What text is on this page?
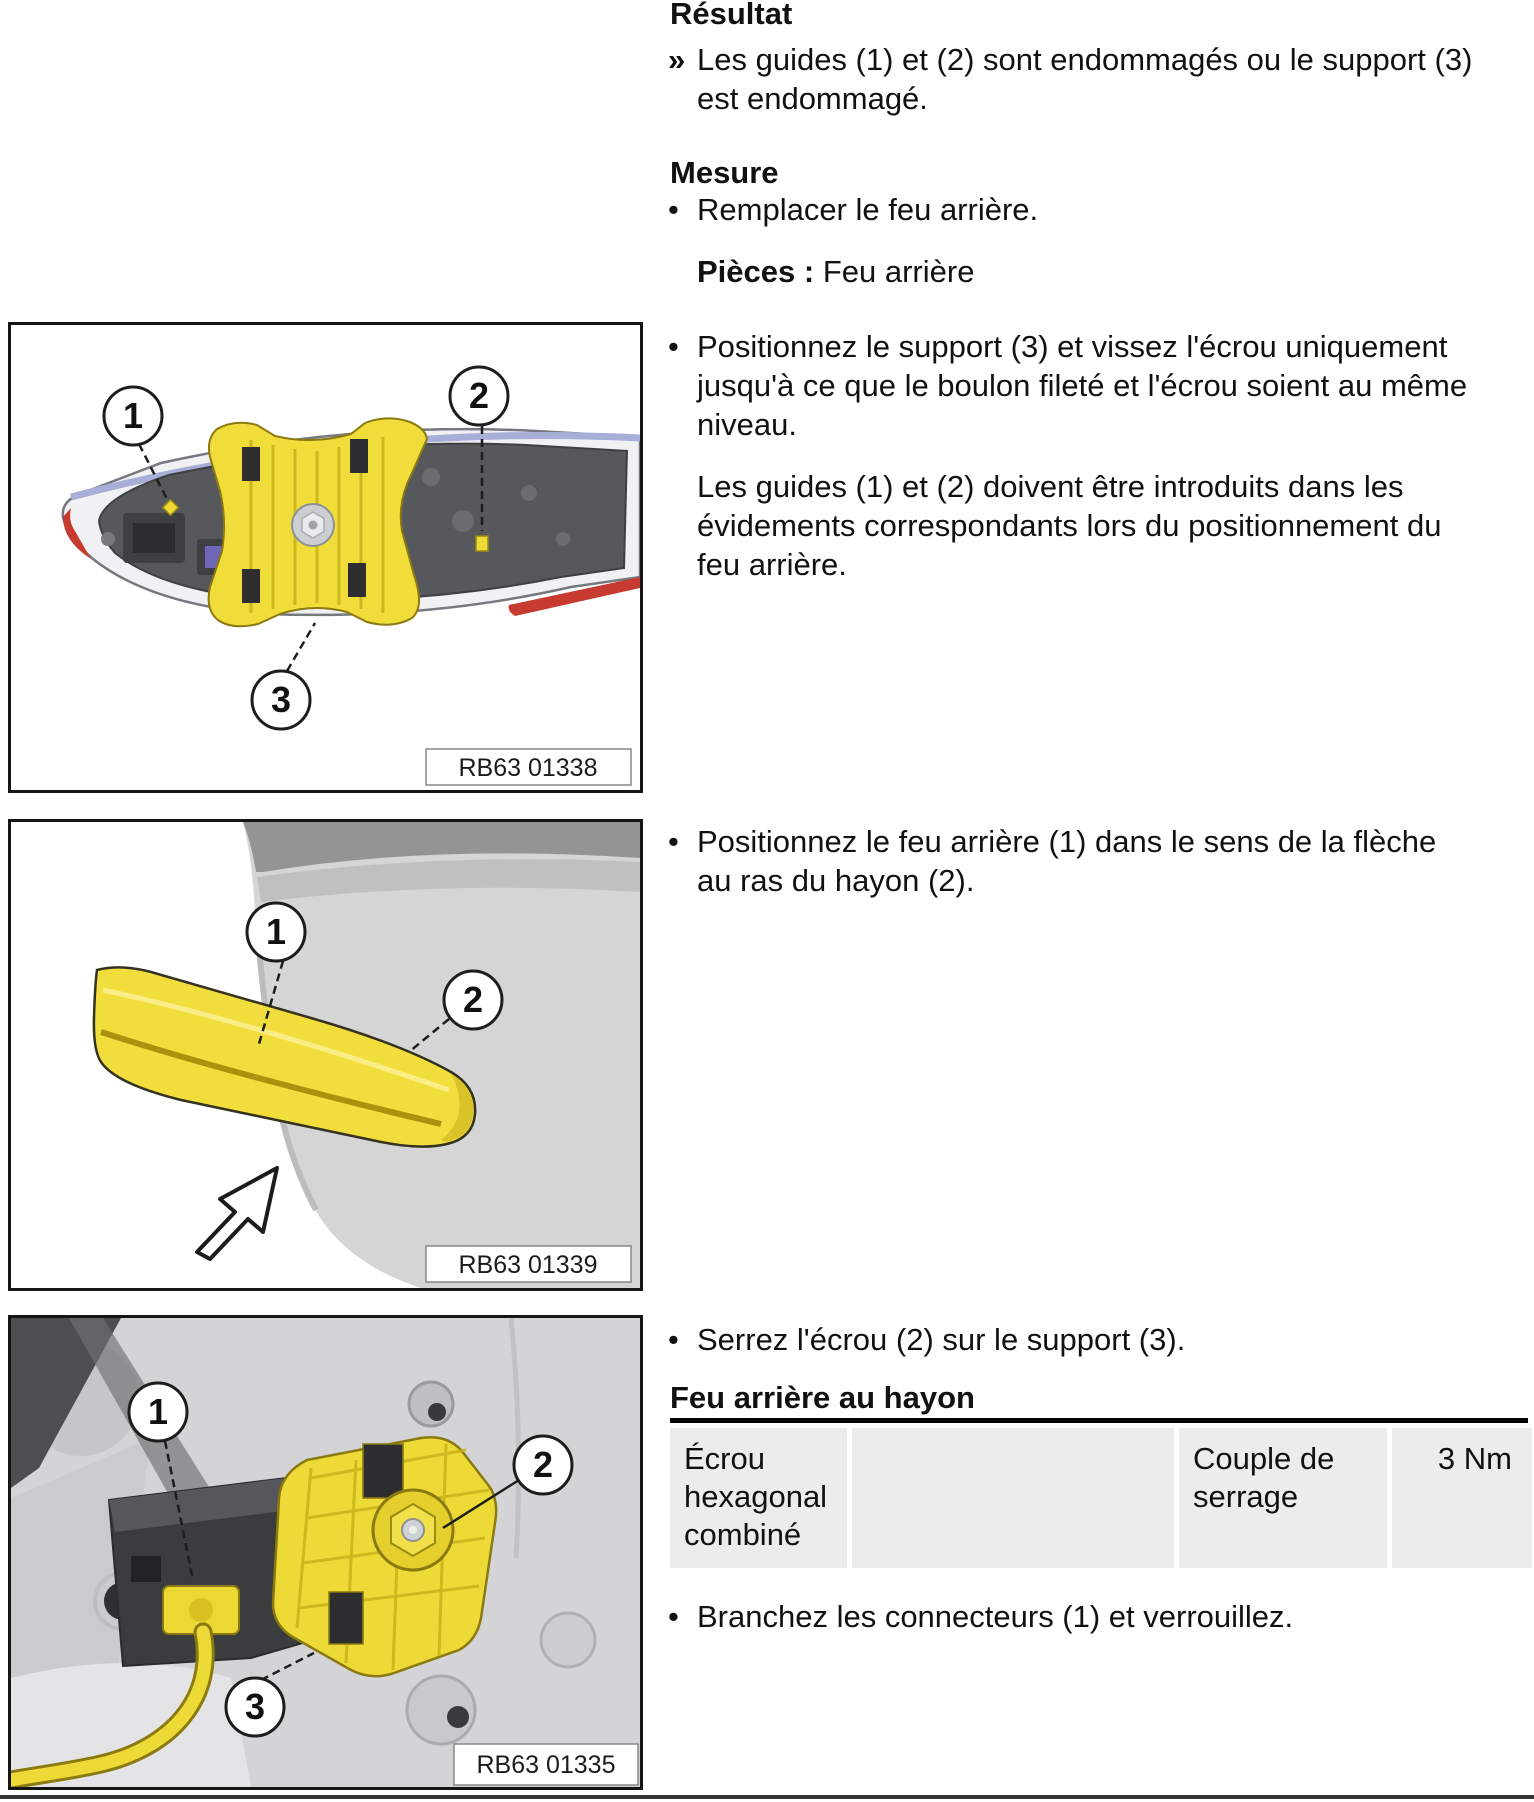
Résultat
» Les guides (1) et (2) sont endommagés ou le support (3) est endommagé.
Mesure
• Remplacer le feu arrière.
Pièces : Feu arrière
• Positionnez le support (3) et vissez l'écrou uniquement jusqu'à ce que le boulon fileté et l'écrou soient au même niveau.
Les guides (1) et (2) doivent être introduits dans les évidements correspondants lors du positionnement du feu arrière.
• Positionnez le feu arrière (1) dans le sens de la flèche au ras du hayon (2).
• Serrez l'écrou (2) sur le support (3).
Feu arrière au hayon
Écrou hexagonal combiné
Couple de serrage
3 Nm
• Branchez les connecteurs (1) et verrouillez.
1	2
3
RB63 01338
1
2
RB63 01339
1
2
3
RB63 01335
